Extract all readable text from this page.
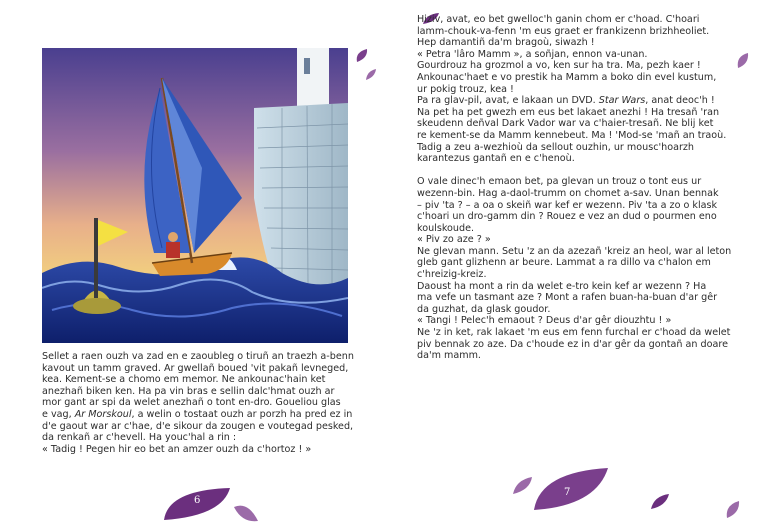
Sellet a raen ouzh va zad en e zaoubleg o tiruñ an traezh a-benn

kavout un tamm graved. Ar gwellañ boued 'vit pakañ levneged,

kea. Kement-se a chomo em memor. Ne ankounac'hain ket

anezhañ biken ken. Ha pa vin bras e sellin dalc'hmat ouzh ar

mor gant ar spi da welet anezhañ o tont en-dro. Goueliou glas

e vag, Ar Morskoul, a welin o tostaat ouzh ar porzh ha pred ez in

d'e gaout war ar c'hae, d'e sikour da zougen e voutegad pesked,

da renkañ ar c'hevell. Ha youc'hal a rin :

« Tadig ! Pegen hir eo bet an amzer ouzh da c'hortoz ! »

6
7

Hiziv, avat, eo bet gwelloc'h ganin chom er c'hoad. C'hoari

lamm-chouk-va-fenn 'm eus graet er frankizenn brizhheoliet.

Hep damantiñ da'm bragoù, siwazh !

« Petra 'lâro Mamm », a soñjan, ennon va-unan.

Gourdrouz ha grozmol a vo, ken sur ha tra. Ma, pezh kaer !

Ankounac'haet e vo prestik ha Mamm a boko din evel kustum,

ur pokig trouz, kea !

Pa ra glav-pil, avat, e lakaan un DVD. Star Wars, anat deoc'h !

Na pet ha pet gwezh em eus bet lakaet anezhi ! Ha tresañ 'ran

skeudenn deñval Dark Vador war va c'haier-tresañ. Ne blij ket

re kement-se da Mamm kennebeut. Ma ! 'Mod-se 'mañ an traoù.

Tadig a zeu a-wezhioù da sellout ouzhin, ur mousc'hoarzh

karantezus gantañ en e c'henoù.

O vale dinec'h emaon bet, pa glevan un trouz o tont eus ur

wezenn-bin. Hag a-daol-trumm on chomet a-sav. Unan bennak

– piv 'ta ? – a oa o skeiñ war kef er wezenn. Piv 'ta a zo o klask

c'hoari un dro-gamm din ? Rouez e vez an dud o pourmen eno

koulskoude.

« Piv zo aze ? »

Ne glevan mann. Setu 'z an da azezañ 'kreiz an heol, war al leton

gleb gant glizhenn ar beure. Lammat a ra dillo va c'halon em

c'hreizig-kreiz.

Daoust ha mont a rin da welet e-tro kein kef ar wezenn ? Ha

ma vefe un tasmant aze ? Mont a rafen buan-ha-buan d'ar gêr

da guzhat, da glask goudor.

« Tangi ! Pelec'h emaout ? Deus d'ar gêr diouzhtu ! »

Ne 'z in ket, rak lakaet 'm eus em fenn furchal er c'hoad da welet

piv bennak zo aze. Da c'houde ez in d'ar gêr da gontañ an doare

da'm mamm.
